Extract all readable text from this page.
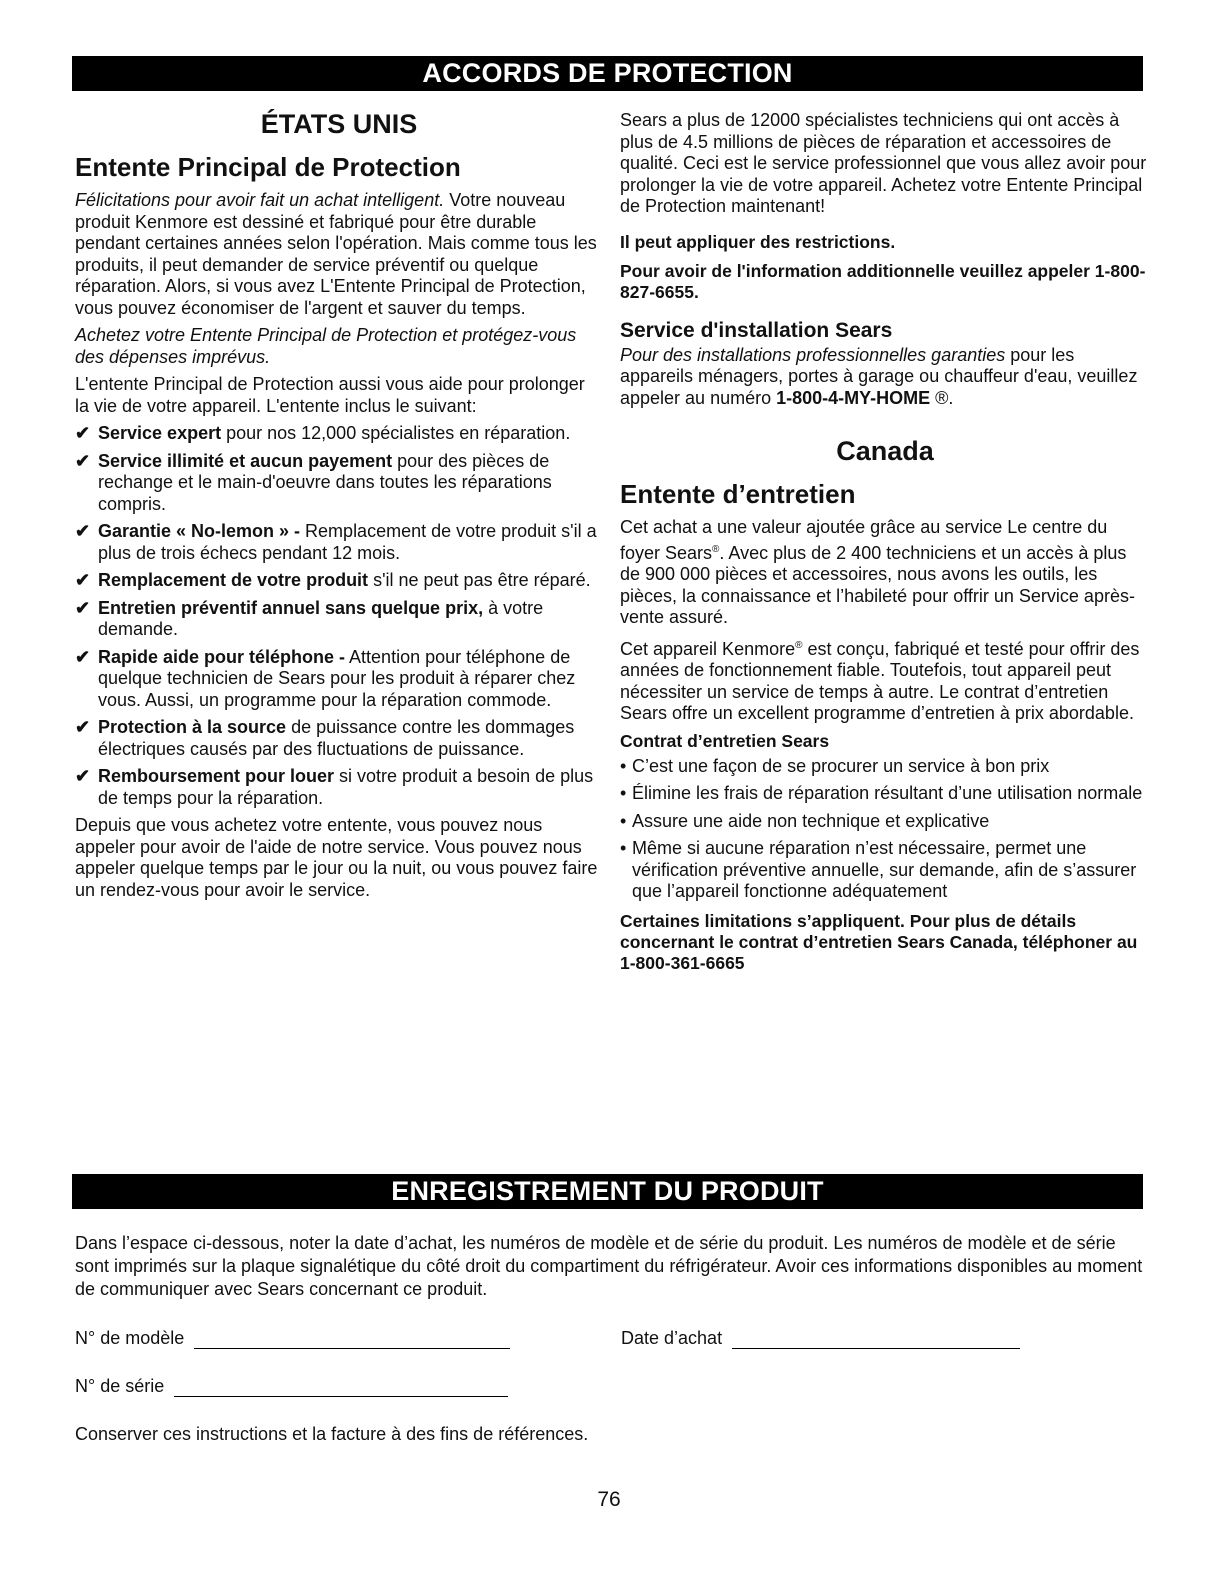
ACCORDS DE PROTECTION
ÉTATS UNIS
Entente Principal de Protection

Félicitations pour avoir fait un achat intelligent. Votre nouveau produit Kenmore est dessiné et fabriqué pour être durable pendant certaines années selon l'opération. Mais comme tous les produits, il peut demander de service préventif ou quelque réparation. Alors, si vous avez L'Entente Principal de Protection, vous pouvez économiser de l'argent et sauver du temps.

Achetez votre Entente Principal de Protection et protégez-vous des dépenses imprévus.

L'entente Principal de Protection aussi vous aide pour prolonger la vie de votre appareil. L'entente inclus le suivant:

✔ Service expert pour nos 12,000 spécialistes en réparation.
✔ Service illimité et aucun payement pour des pièces de rechange et le main-d'oeuvre dans toutes les réparations compris.
✔ Garantie « No-lemon » - Remplacement de votre produit s'il a plus de trois échecs pendant 12 mois.
✔ Remplacement de votre produit s'il ne peut pas être réparé.
✔ Entretien préventif annuel sans quelque prix, à votre demande.
✔ Rapide aide pour téléphone - Attention pour téléphone de quelque technicien de Sears pour les produit à réparer chez vous. Aussi, un programme pour la réparation commode.
✔ Protection à la source de puissance contre les dommages électriques causés par des fluctuations de puissance.
✔ Remboursement pour louer si votre produit a besoin de plus de temps pour la réparation.

Depuis que vous achetez votre entente, vous pouvez nous appeler pour avoir de l'aide de notre service. Vous pouvez nous appeler quelque temps par le jour ou la nuit, ou vous pouvez faire un rendez-vous pour avoir le service.

Sears a plus de 12000 spécialistes techniciens qui ont accès à plus de 4.5 millions de pièces de réparation et accessoires de qualité. Ceci est le service professionnel que vous allez avoir pour prolonger la vie de votre appareil. Achetez votre Entente Principal de Protection maintenant!

Il peut appliquer des restrictions.

Pour avoir de l'information additionnelle veuillez appeler 1-800-827-6655.

Service d'installation Sears

Pour des installations professionnelles garanties pour les appareils ménagers, portes à garage ou chauffeur d'eau, veuillez appeler au numéro 1-800-4-MY-HOME ®.

Canada
Entente d’entretien

Cet achat a une valeur ajoutée grâce au service Le centre du foyer Sears®. Avec plus de 2 400 techniciens et un accès à plus de 900 000 pièces et accessoires, nous avons les outils, les pièces, la connaissance et l’habileté pour offrir un Service après-vente assuré.

Cet appareil Kenmore® est conçu, fabriqué et testé pour offrir des années de fonctionnement fiable. Toutefois, tout appareil peut nécessiter un service de temps à autre. Le contrat d’entretien Sears offre un excellent programme d’entretien à prix abordable.

Contrat d’entretien Sears

• C’est une façon de se procurer un service à bon prix
• Élimine les frais de réparation résultant d’une utilisation normale
• Assure une aide non technique et explicative
• Même si aucune réparation n’est nécessaire, permet une vérification préventive annuelle, sur demande, afin de s’assurer que l’appareil fonctionne adéquatement

Certaines limitations s’appliquent. Pour plus de détails concernant le contrat d’entretien Sears Canada, téléphoner au 1-800-361-6665

ENREGISTREMENT DU PRODUIT
Dans l’espace ci-dessous, noter la date d’achat, les numéros de modèle et de série du produit. Les numéros de modèle et de série sont imprimés sur la plaque signalétique du côté droit du compartiment du réfrigérateur. Avoir ces informations disponibles au moment de communiquer avec Sears concernant ce produit.
N° de modèle	Date d’achat
N° de série
Conserver ces instructions et la facture à des fins de références.
76
